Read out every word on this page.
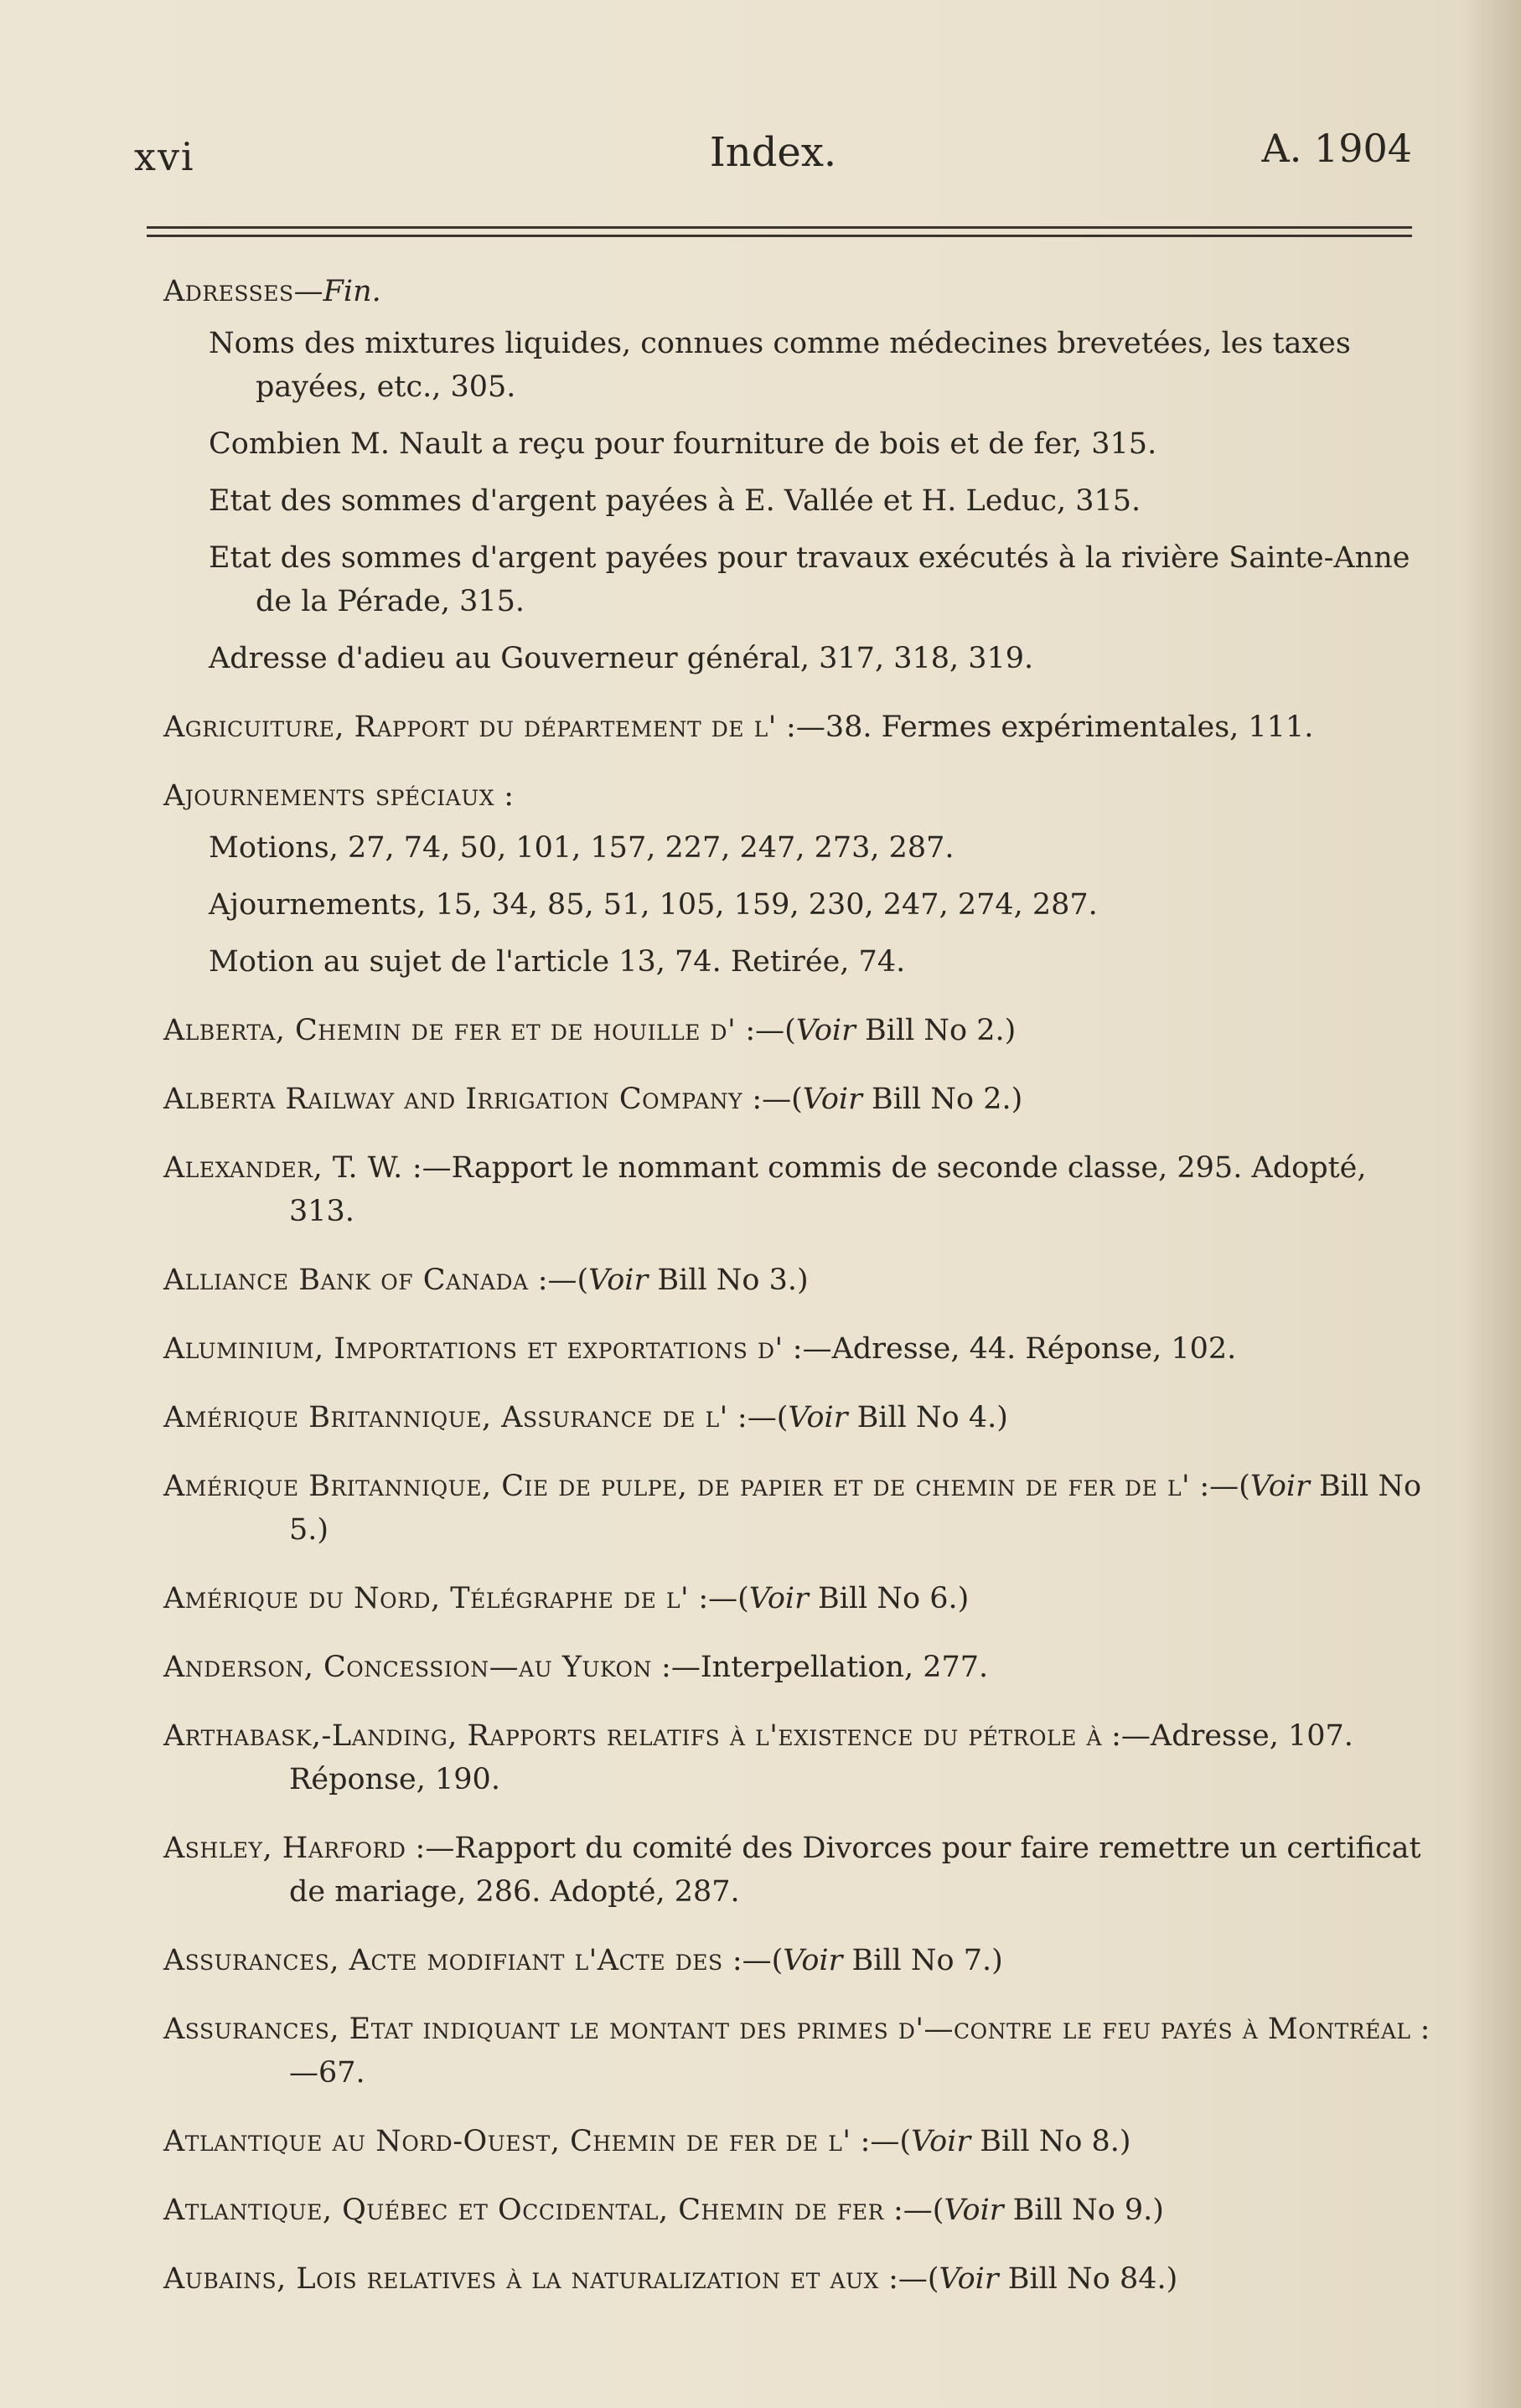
xvi	Index.	A. 1904
Adresses—Fin.
Noms des mixtures liquides, connues comme médecines brevetées, les taxes payées, etc., 305.
Combien M. Nault a reçu pour fourniture de bois et de fer, 315.
Etat des sommes d'argent payées à E. Vallée et H. Leduc, 315.
Etat des sommes d'argent payées pour travaux exécutés à la rivière Sainte-Anne de la Pérade, 315.
Adresse d'adieu au Gouverneur général, 317, 318, 319.
Agricuiture, Rapport du département de l' :—38. Fermes expérimentales, 111.
Ajournements spéciaux :
Motions, 27, 74, 50, 101, 157, 227, 247, 273, 287.
Ajournements, 15, 34, 85, 51, 105, 159, 230, 247, 274, 287.
Motion au sujet de l'article 13, 74. Retirée, 74.
Alberta, Chemin de fer et de houille d' :—(Voir Bill No 2.)
Alberta Railway and Irrigation Company :—(Voir Bill No 2.)
Alexander, T. W. :—Rapport le nommant commis de seconde classe, 295. Adopté, 313.
Alliance Bank of Canada :—(Voir Bill No 3.)
Aluminium, Importations et exportations d' :—Adresse, 44. Réponse, 102.
Amérique Britannique, Assurance de l' :—(Voir Bill No 4.)
Amérique Britannique, Cie de pulpe, de papier et de chemin de fer de l' :—(Voir Bill No 5.)
Amérique du Nord, Télégraphe de l' :—(Voir Bill No 6.)
Anderson, Concession—au Yukon :—Interpellation, 277.
Arthabask,-Landing, Rapports relatifs à l'existence du pétrole à :—Adresse, 107. Réponse, 190.
Ashley, Harford :—Rapport du comité des Divorces pour faire remettre un certificat de mariage, 286. Adopté, 287.
Assurances, Acte modifiant l'Acte des :—(Voir Bill No 7.)
Assurances, Etat indiquant le montant des primes d'—contre le feu payés à Montréal :—67.
Atlantique au Nord-Ouest, Chemin de fer de l' :—(Voir Bill No 8.)
Atlantique, Québec et Occidental, Chemin de fer :—(Voir Bill No 9.)
Aubains, Lois relatives à la naturalization et aux :—(Voir Bill No 84.)
